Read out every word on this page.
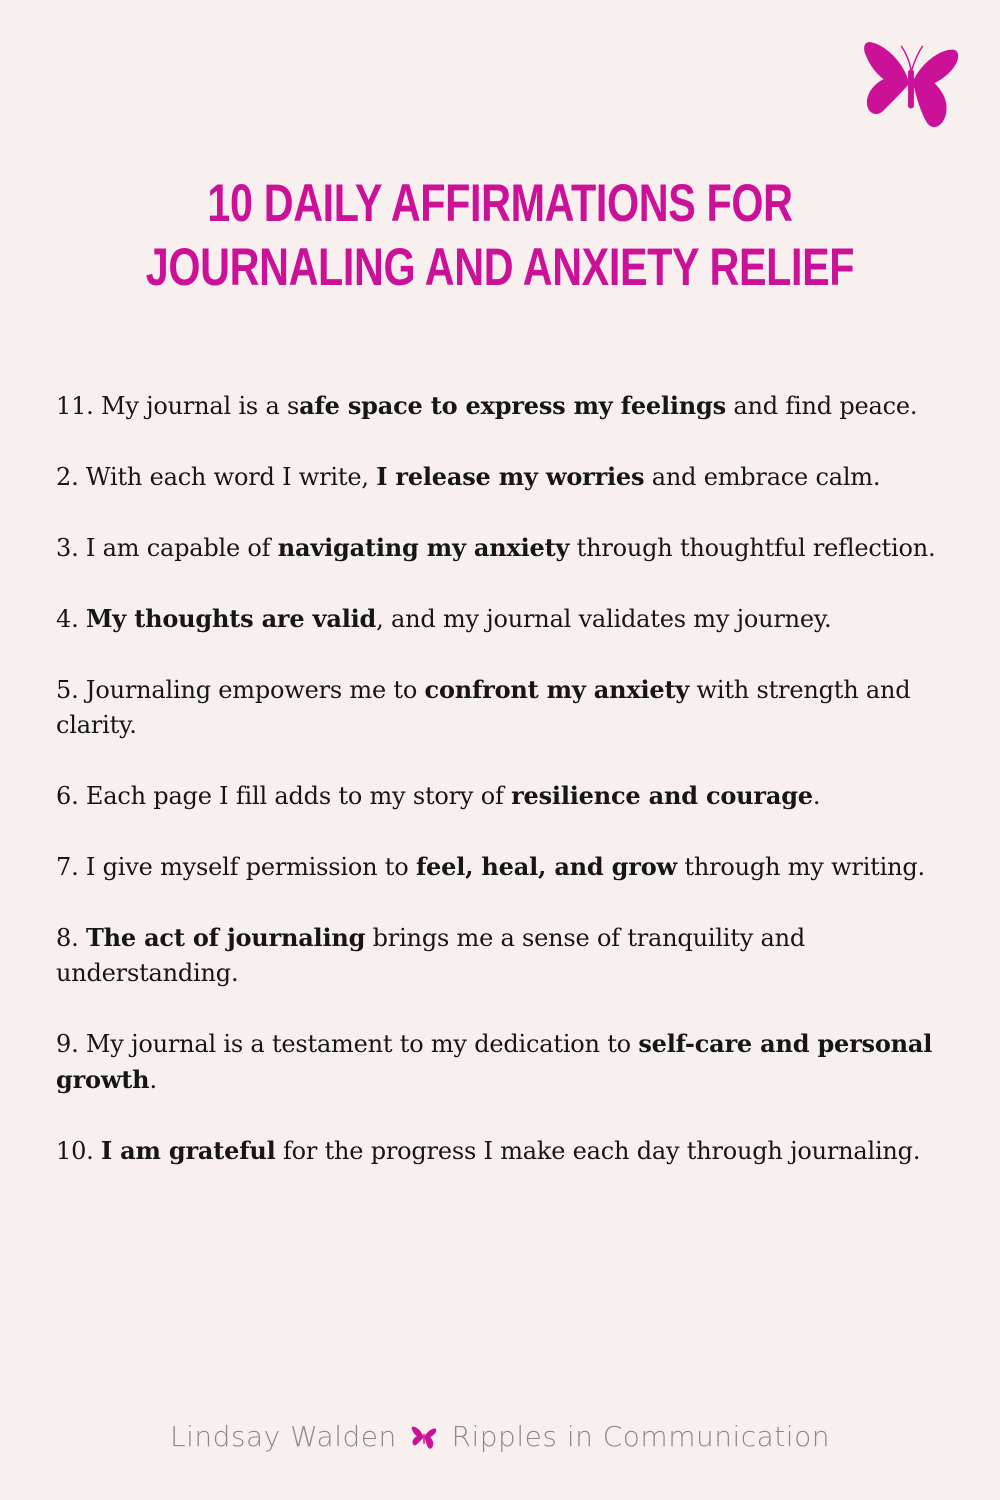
10 DAILY AFFIRMATIONS FOR JOURNALING AND ANXIETY RELIEF
11. My journal is a safe space to express my feelings and find peace.
2. With each word I write, I release my worries and embrace calm.
3. I am capable of navigating my anxiety through thoughtful reflection.
4. My thoughts are valid, and my journal validates my journey.
5. Journaling empowers me to confront my anxiety with strength and clarity.
6. Each page I fill adds to my story of resilience and courage.
7. I give myself permission to feel, heal, and grow through my writing.
8. The act of journaling brings me a sense of tranquility and understanding.
9. My journal is a testament to my dedication to self-care and personal growth.
10. I am grateful for the progress I make each day through journaling.
Lindsay Walden Ripples in Communication
